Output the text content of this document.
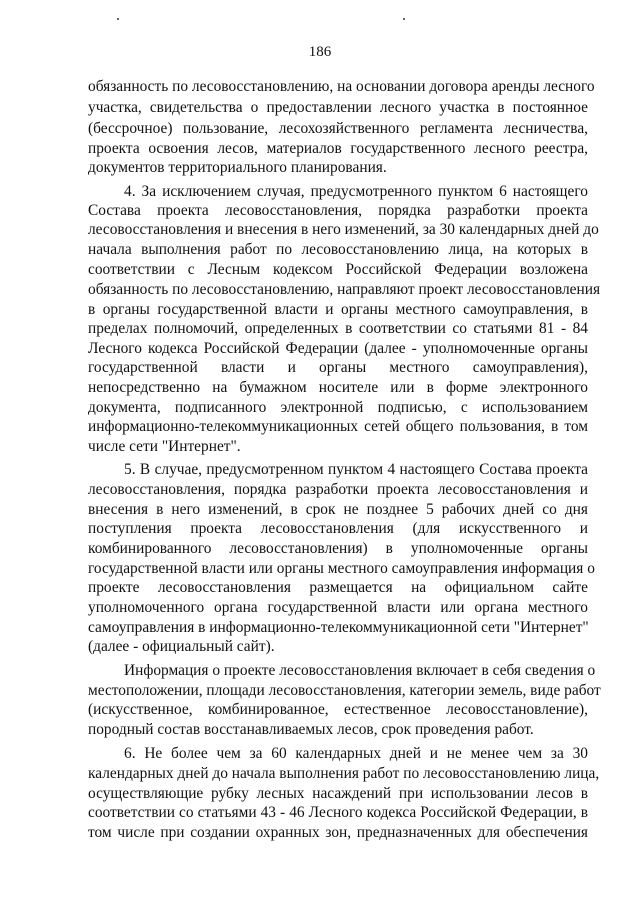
186
обязанность по лесовосстановлению, на основании договора аренды лесного
участка, свидетельства о предоставлении лесного участка в постоянное
(бессрочное) пользование, лесохозяйственного регламента лесничества,
проекта освоения лесов, материалов государственного лесного реестра,
документов территориального планирования.
4. За исключением случая, предусмотренного пунктом 6 настоящего
Состава проекта лесовосстановления, порядка разработки проекта
лесовосстановления и внесения в него изменений, за 30 календарных дней до
начала выполнения работ по лесовосстановлению лица, на которых в
соответствии с Лесным кодексом Российской Федерации возложена
обязанность по лесовосстановлению, направляют проект лесовосстановления
в органы государственной власти и органы местного самоуправления, в
пределах полномочий, определенных в соответствии со статьями 81 - 84
Лесного кодекса Российской Федерации (далее - уполномоченные органы
государственной власти и органы местного самоуправления),
непосредственно на бумажном носителе или в форме электронного
документа, подписанного электронной подписью, с использованием
информационно-телекоммуникационных сетей общего пользования, в том
числе сети "Интернет".
5. В случае, предусмотренном пунктом 4 настоящего Состава проекта
лесовосстановления, порядка разработки проекта лесовосстановления и
внесения в него изменений, в срок не позднее 5 рабочих дней со дня
поступления проекта лесовосстановления (для искусственного и
комбинированного лесовосстановления) в уполномоченные органы
государственной власти или органы местного самоуправления информация о
проекте лесовосстановления размещается на официальном сайте
уполномоченного органа государственной власти или органа местного
самоуправления в информационно-телекоммуникационной сети "Интернет"
(далее - официальный сайт).
Информация о проекте лесовосстановления включает в себя сведения о
местоположении, площади лесовосстановления, категории земель, виде работ
(искусственное, комбинированное, естественное лесовосстановление),
породный состав восстанавливаемых лесов, срок проведения работ.
6. Не более чем за 60 календарных дней и не менее чем за 30
календарных дней до начала выполнения работ по лесовосстановлению лица,
осуществляющие рубку лесных насаждений при использовании лесов в
соответствии со статьями 43 - 46 Лесного кодекса Российской Федерации, в
том числе при создании охранных зон, предназначенных для обеспечения
